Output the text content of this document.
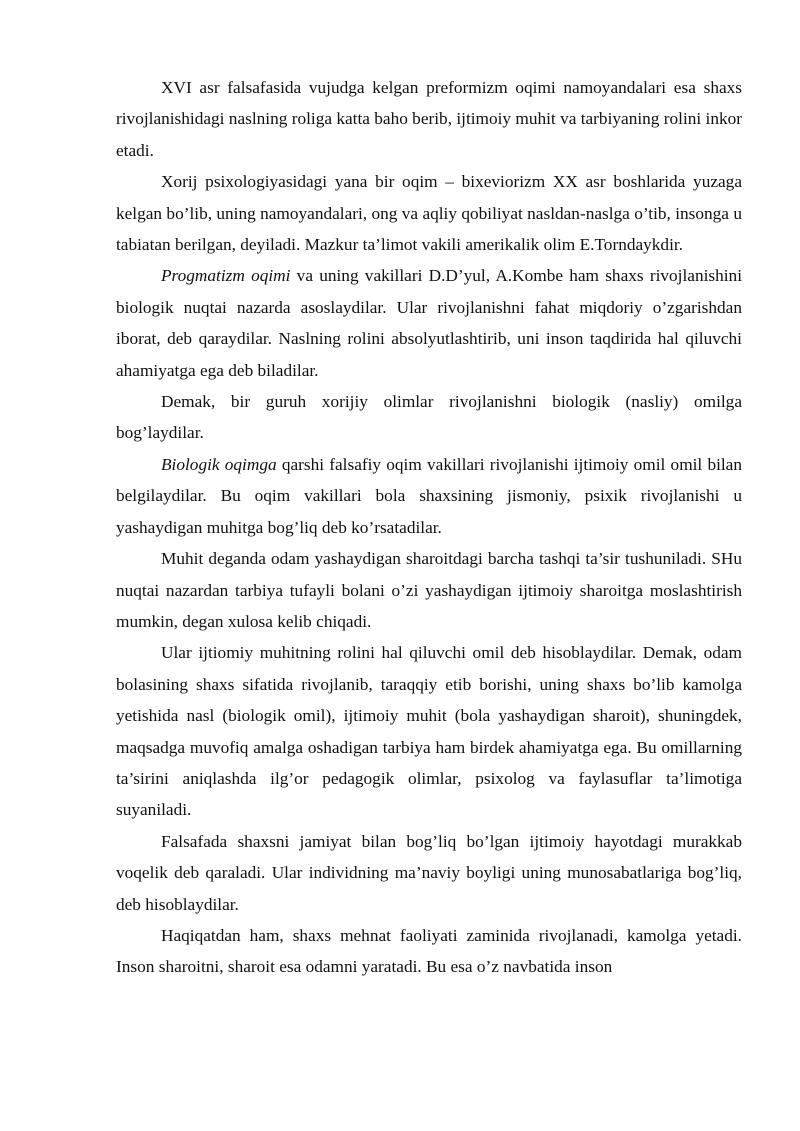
XVI asr falsafasida vujudga kelgan preformizm oqimi namoyandalari esa shaxs rivojlanishidagi naslning roliga katta baho berib, ijtimoiy muhit va tarbiyaning rolini inkor etadi.

Xorij psixologiyasidagi yana bir oqim – bixeviorizm XX asr boshlarida yuzaga kelgan bo’lib, uning namoyandalari, ong va aqliy qobiliyat nasldan-naslga o’tib, insonga u tabiatan berilgan, deyiladi. Mazkur ta’limot vakili amerikalik olim E.Torndaykdir.

Progmatizm oqimi va uning vakillari D.D’yul, A.Kombe ham shaxs rivojlanishini biologik nuqtai nazarda asoslaydilar. Ular rivojlanishni fahat miqdoriy o’zgarishdan iborat, deb qaraydilar. Naslning rolini absolyutlashtirib, uni inson taqdirida hal qiluvchi ahamiyatga ega deb biladilar.

Demak, bir guruh xorijiy olimlar rivojlanishni biologik (nasliy) omilga bog’laydilar.

Biologik oqimga qarshi falsafiy oqim vakillari rivojlanishi ijtimoiy omil omil bilan belgilaydilar. Bu oqim vakillari bola shaxsining jismoniy, psixik rivojlanishi u yashaydigan muhitga bog’liq deb ko’rsatadilar.

Muhit deganda odam yashaydigan sharoitdagi barcha tashqi ta’sir tushuniladi. SHu nuqtai nazardan tarbiya tufayli bolani o’zi yashaydigan ijtimoiy sharoitga moslashtirish mumkin, degan xulosa kelib chiqadi.

Ular ijtiomiy muhitning rolini hal qiluvchi omil deb hisoblaydilar. Demak, odam bolasining shaxs sifatida rivojlanib, taraqqiy etib borishi, uning shaxs bo’lib kamolga yetishida nasl (biologik omil), ijtimoiy muhit (bola yashaydigan sharoit), shuningdek, maqsadga muvofiq amalga oshadigan tarbiya ham birdek ahamiyatga ega. Bu omillarning ta’sirini aniqlashda ilg’or pedagogik olimlar, psixolog va faylasuflar ta’limotiga suyaniladi.

Falsafada shaxsni jamiyat bilan bog’liq bo’lgan ijtimoiy hayotdagi murakkab voqelik deb qaraladi. Ular individning ma’naviy boyligi uning munosabatlariga bog’liq, deb hisoblaydilar.

Haqiqatdan ham, shaxs mehnat faoliyati zaminida rivojlanadi, kamolga yetadi. Inson sharoitni, sharoit esa odamni yaratadi. Bu esa o’z navbatida inson
